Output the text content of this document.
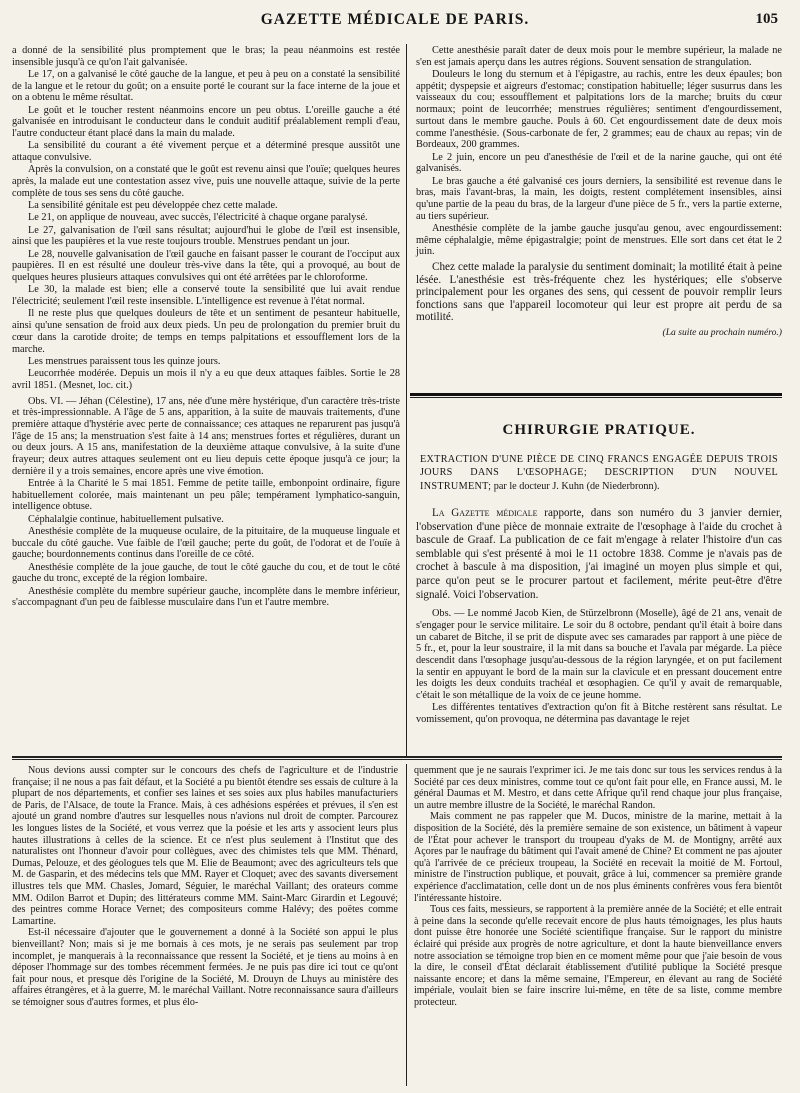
GAZETTE MÉDICALE DE PARIS.	105

a donné de la sensibilité plus promptement que le bras; la peau néanmoins est restée insensible jusqu'à ce qu'on l'ait galvanisée.

Le 17, on a galvanisé le côté gauche de la langue, et peu à peu on a constaté la sensibilité de la langue et le retour du goût; on a ensuite porté le courant sur la face interne de la joue et on a obtenu le même résultat.

Le goût et le toucher restent néanmoins encore un peu obtus. L'oreille gauche a été galvanisée en introduisant le conducteur dans le conduit auditif préalablement rempli d'eau, l'autre conducteur étant placé dans la main du malade.

La sensibilité du courant a été vivement perçue et a déterminé presque aussitôt une attaque convulsive.

Après la convulsion, on a constaté que le goût est revenu ainsi que l'ouïe; quelques heures après, la malade eut une contestation assez vive, puis une nouvelle attaque, suivie de la perte complète de tous ses sens du côté gauche.

La sensibilité génitale est peu développée chez cette malade.

Le 21, on applique de nouveau, avec succès, l'électricité à chaque organe paralysé.

Le 27, galvanisation de l'œil sans résultat; aujourd'hui le globe de l'œil est insensible, ainsi que les paupières et la vue reste toujours trouble. Menstrues pendant un jour.

Le 28, nouvelle galvanisation de l'œil gauche en faisant passer le courant de l'occiput aux paupières. Il en est résulté une douleur très-vive dans la tête, qui a provoqué, au bout de quelques heures plusieurs attaques convulsives qui ont été arrêtées par le chloroforme.

Le 30, la malade est bien; elle a conservé toute la sensibilité que lui avait rendue l'électricité; seulement l'œil reste insensible. L'intelligence est revenue à l'état normal.

Il ne reste plus que quelques douleurs de tête et un sentiment de pesanteur habituelle, ainsi qu'une sensation de froid aux deux pieds. Un peu de prolongation du premier bruit du cœur dans la carotide droite; de temps en temps palpitations et essoufflement lors de la marche.

Les menstrues paraissent tous les quinze jours.

Leucorrhée modérée. Depuis un mois il n'y a eu que deux attaques faibles. Sortie le 28 avril 1851. (Mesnet, loc. cit.)

Obs. VI. — Jéhan (Célestine), 17 ans, née d'une mère hystérique, d'un caractère très-triste et très-impressionnable. A l'âge de 5 ans, apparition, à la suite de mauvais traitements, d'une première attaque d'hystérie avec perte de connaissance; ces attaques ne reparurent pas jusqu'à l'âge de 15 ans; la menstruation s'est faite à 14 ans; menstrues fortes et régulières, durant un ou deux jours. A 15 ans, manifestation de la deuxième attaque convulsive, à la suite d'une frayeur; deux autres attaques seulement ont eu lieu depuis cette époque jusqu'à ce jour; la dernière il y a trois semaines, encore après une vive émotion.

Entrée à la Charité le 5 mai 1851. Femme de petite taille, embonpoint ordinaire, figure habituellement colorée, mais maintenant un peu pâle; tempérament lymphatico-sanguin, intelligence obtuse.

Céphalalgie continue, habituellement pulsative.

Anesthésie complète de la muqueuse oculaire, de la pituitaire, de la muqueuse linguale et buccale du côté gauche. Vue faible de l'œil gauche; perte du goût, de l'odorat et de l'ouïe à gauche; bourdonnements continus dans l'oreille de ce côté.

Anesthésie complète de la joue gauche, de tout le côté gauche du cou, et de tout le côté gauche du tronc, excepté de la région lombaire.

Anesthésie complète du membre supérieur gauche, incomplète dans le membre inférieur, s'accompagnant d'un peu de faiblesse musculaire dans l'un et l'autre membre.

Cette anesthésie paraît dater de deux mois pour le membre supérieur, la malade ne s'en est jamais aperçu dans les autres régions. Souvent sensation de strangulation.

Douleurs le long du sternum et à l'épigastre, au rachis, entre les deux épaules; bon appétit; dyspepsie et aigreurs d'estomac; constipation habituelle; léger susurrus dans les vaisseaux du cou; essoufflement et palpitations lors de la marche; bruits du cœur normaux; point de leucorrhée; menstrues régulières; sentiment d'engourdissement, surtout dans le membre gauche. Pouls à 60. Cet engourdissement date de deux mois comme l'anesthésie. (Sous-carbonate de fer, 2 grammes; eau de chaux au repas; vin de Bordeaux, 200 grammes.

Le 2 juin, encore un peu d'anesthésie de l'œil et de la narine gauche, qui ont été galvanisés.

Le bras gauche a été galvanisé ces jours derniers, la sensibilité est revenue dans le bras, mais l'avant-bras, la main, les doigts, restent complétement insensibles, ainsi qu'une partie de la peau du bras, de la largeur d'une pièce de 5 fr., vers la partie externe, au tiers supérieur.

Anesthésie complète de la jambe gauche jusqu'au genou, avec engourdissement: même céphalalgie, même épigastralgie; point de menstrues. Elle sort dans cet état le 2 juin.

Chez cette malade la paralysie du sentiment dominait; la motilité était à peine lésée. L'anesthésie est très-fréquente chez les hystériques; elle s'observe principalement pour les organes des sens, qui cessent de pouvoir remplir leurs fonctions sans que l'appareil locomoteur qui leur est propre ait perdu de sa motilité.

(La suite au prochain numéro.)
CHIRURGIE PRATIQUE.
EXTRACTION D'UNE PIÈCE DE CINQ FRANCS ENGAGÉE DEPUIS TROIS JOURS DANS L'ŒSOPHAGE; DESCRIPTION D'UN NOUVEL INSTRUMENT; par le docteur J. Kuhn (de Niederbronn).

La Gazette médicale rapporte, dans son numéro du 3 janvier dernier, l'observation d'une pièce de monnaie extraite de l'œsophage à l'aide du crochet à bascule de Graaf. La publication de ce fait m'engage à relater l'histoire d'un cas semblable qui s'est présenté à moi le 11 octobre 1838. Comme je n'avais pas de crochet à bascule à ma disposition, j'ai imaginé un moyen plus simple et qui, parce qu'on peut se le procurer partout et facilement, mérite peut-être d'être signalé. Voici l'observation.

Obs. — Le nommé Jacob Kien, de Stürzelbronn (Moselle), âgé de 21 ans, venait de s'engager pour le service militaire. Le soir du 8 octobre, pendant qu'il était à boire dans un cabaret de Bitche, il se prit de dispute avec ses camarades par rapport à une pièce de 5 fr., et, pour la leur soustraire, il la mit dans sa bouche et l'avala par mégarde. La pièce descendit dans l'œsophage jusqu'au-dessous de la région laryngée, et on put facilement la sentir en appuyant le bord de la main sur la clavicule et en pressant doucement entre les doigts les deux conduits trachéal et œsophagien. Ce qu'il y avait de remarquable, c'était le son métallique de la voix de ce jeune homme.

Les différentes tentatives d'extraction qu'on fit à Bitche restèrent sans résultat. Le vomissement, qu'on provoqua, ne détermina pas davantage le rejet

Nous devions aussi compter sur le concours des chefs de l'agriculture et de l'industrie française; il ne nous a pas fait défaut, et la Société a pu bientôt étendre ses essais de culture à la plupart de nos départements, et confier ses laines et ses soies aux plus habiles manufacturiers de Paris, de l'Alsace, de toute la France. Mais, à ces adhésions espérées et prévues, il s'en est ajouté un grand nombre d'autres sur lesquelles nous n'avions nul droit de compter. Parcourez les longues listes de la Société, et vous verrez que la poésie et les arts y associent leurs plus hautes illustrations à celles de la science. Et ce n'est plus seulement à l'Institut que des naturalistes ont l'honneur d'avoir pour collègues, avec des chimistes tels que MM. Thénard, Dumas, Pelouze, et des géologues tels que M. Elie de Beaumont; avec des agriculteurs tels que M. de Gasparin, et des médecins tels que MM. Rayer et Cloquet; avec des savants diversement illustres tels que MM. Chasles, Jomard, Séguier, le maréchal Vaillant; des orateurs comme MM. Odilon Barrot et Dupin; des littérateurs comme MM. Saint-Marc Girardin et Legouvé; des peintres comme Horace Vernet; des compositeurs comme Halévy; des poëtes comme Lamartine.

Est-il nécessaire d'ajouter que le gouvernement a donné à la Société son appui le plus bienveillant? Non; mais si je me bornais à ces mots, je ne serais pas seulement par trop incomplet, je manquerais à la reconnaissance que ressent la Société, et je tiens au moins à en déposer l'hommage sur des tombes récemment fermées. Je ne puis pas dire ici tout ce qu'ont fait pour nous, et presque dès l'origine de la Société, M. Drouyn de Lhuys au ministère des affaires étrangères, et à la guerre, M. le maréchal Vaillant. Notre reconnaissance saura d'ailleurs se témoigner sous d'autres formes, et plus élo-

quemment que je ne saurais l'exprimer ici. Je me tais donc sur tous les services rendus à la Société par ces deux ministres, comme tout ce qu'ont fait pour elle, en France aussi, M. le général Daumas et M. Mestro, et dans cette Afrique qu'il rend chaque jour plus française, un autre membre illustre de la Société, le maréchal Randon.

Mais comment ne pas rappeler que M. Ducos, ministre de la marine, mettait à la disposition de la Société, dès la première semaine de son existence, un bâtiment à vapeur de l'État pour achever le transport du troupeau d'yaks de M. de Montigny, arrêté aux Açores par le naufrage du bâtiment qui l'avait amené de Chine? Et comment ne pas ajouter qu'à l'arrivée de ce précieux troupeau, la Société en recevait la moitié de M. Fortoul, ministre de l'instruction publique, et pouvait, grâce à lui, commencer sa première grande expérience d'acclimatation, celle dont un de nos plus éminents confrères vous fera bientôt l'intéressante histoire.

Tous ces faits, messieurs, se rapportent à la première année de la Société; et elle entrait à peine dans la seconde qu'elle recevait encore de plus hauts témoignages, les plus hauts dont puisse être honorée une Société scientifique française. Sur le rapport du ministre éclairé qui préside aux progrès de notre agriculture, et dont la haute bienveillance envers notre association se témoigne trop bien en ce moment même pour que j'aie besoin de vous la dire, le conseil d'État déclarait établissement d'utilité publique la Société presque naissante encore; et dans la même semaine, l'Empereur, en élevant au rang de Société impériale, voulait bien se faire inscrire lui-même, en tête de sa liste, comme membre protecteur.
